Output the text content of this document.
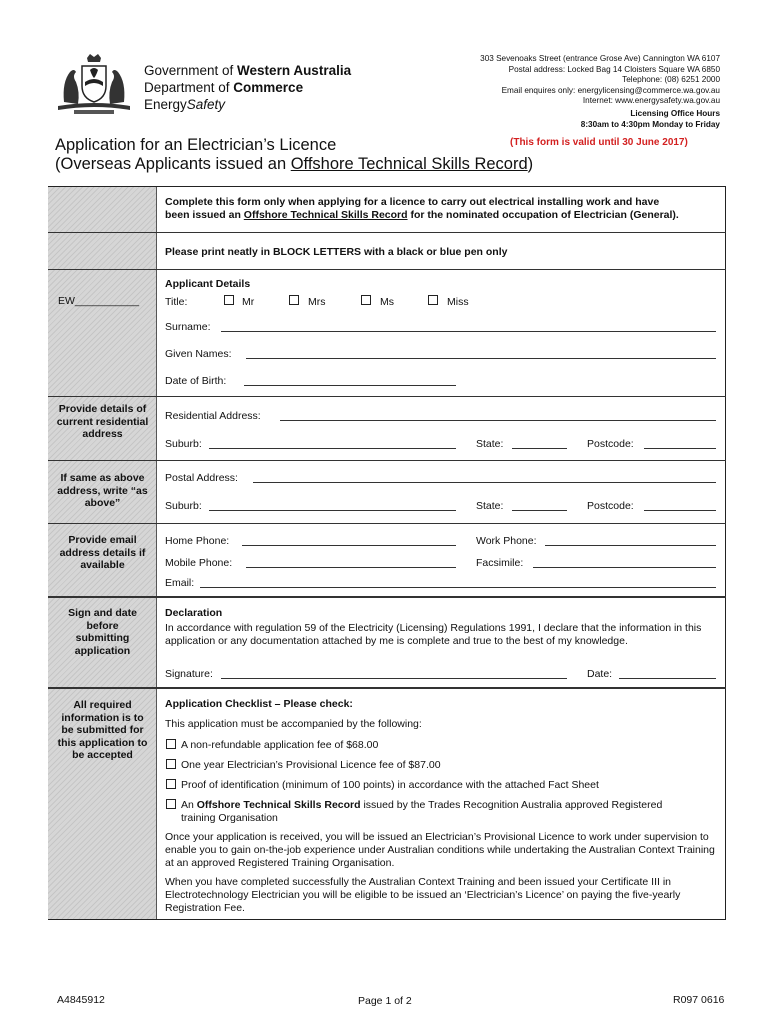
Government of Western Australia
Department of Commerce
EnergySafety
303 Sevenoaks Street (entrance Grose Ave) Cannington WA 6107
Postal address: Locked Bag 14 Cloisters Square WA 6850
Telephone: (08) 6251 2000
Email enquires only: energylicensing@commerce.wa.gov.au
Internet: www.energysafety.wa.gov.au
Licensing Office Hours
8:30am to 4:30pm Monday to Friday
Application for an Electrician’s Licence
(Overseas Applicants issued an Offshore Technical Skills Record)
(This form is valid until 30 June 2017)
Complete this form only when applying for a licence to carry out electrical installing work and have
been issued an Offshore Technical Skills Record for the nominated occupation of Electrician (General).
Please print neatly in BLOCK LETTERS with a black or blue pen only
Applicant Details
EW___________ Title:	Mr	Mrs	Ms	Miss
Surname:
Given Names:
Date of Birth:
Provide details of current residential address
Residential Address:
Suburb:	State:	Postcode:
If same as above address, write “as above”
Postal Address:
Suburb:	State:	Postcode:
Provide email address details if available
Home Phone:	Work Phone:
Mobile Phone:	Facsimile:
Email:
Sign and date before submitting application
Declaration
In accordance with regulation 59 of the Electricity (Licensing) Regulations 1991, I declare that the information in this application or any documentation attached by me is complete and true to the best of my knowledge.
Signature:	Date:
All required information is to be submitted for this application to be accepted
Application Checklist – Please check:
This application must be accompanied by the following:
A non-refundable application fee of $68.00
One year Electrician’s Provisional Licence fee of $87.00
Proof of identification (minimum of 100 points) in accordance with the attached Fact Sheet
An Offshore Technical Skills Record issued by the Trades Recognition Australia approved Registered
training Organisation
Once your application is received, you will be issued an Electrician’s Provisional Licence to work under supervision to enable you to gain on-the-job experience under Australian conditions while undertaking the Australian Context Training at an approved Registered Training Organisation.
When you have completed successfully the Australian Context Training and been issued your Certificate III in Electrotechnology Electrician you will be eligible to be issued an ‘Electrician’s Licence’ on paying the five-yearly Registration Fee.
A4845912	Page 1 of 2	R097 0616
